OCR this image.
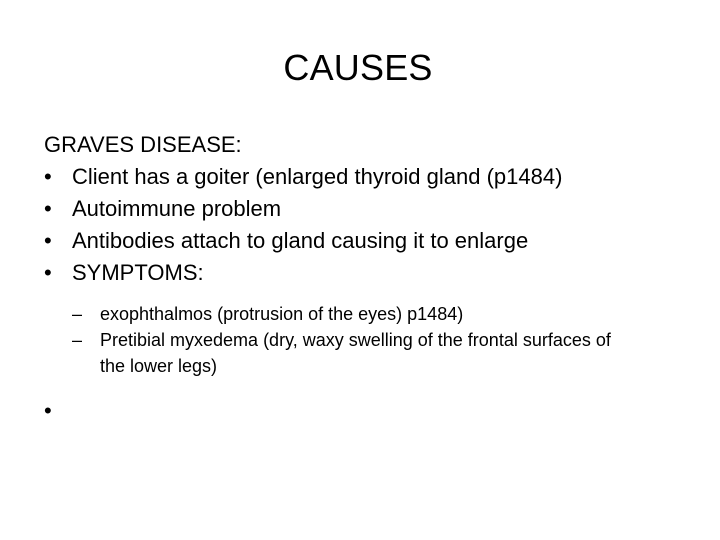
CAUSES
GRAVES DISEASE:
• Client has a goiter (enlarged thyroid gland (p1484)
• Autoimmune problem
• Antibodies attach to gland causing it to enlarge
• SYMPTOMS:
– exophthalmos (protrusion of the eyes) p1484)
– Pretibial myxedema (dry, waxy swelling of the frontal surfaces of the lower legs)
•
